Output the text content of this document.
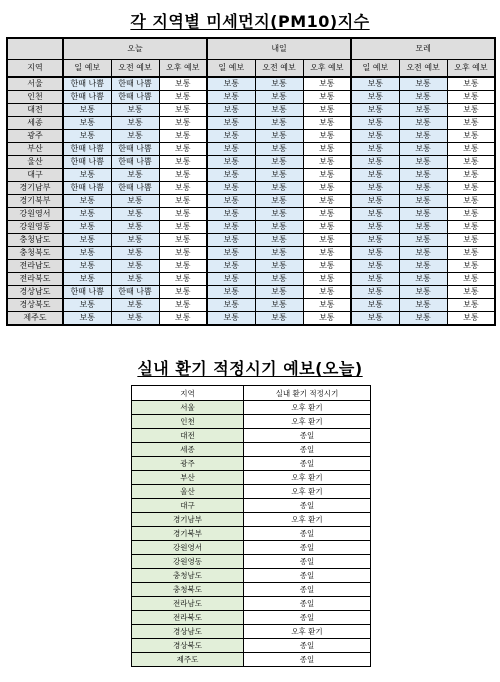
각 지역별 미세먼지(PM10)지수
	오늘			내일			모레		
지역	일 예보	오전 예보	오후 예보	일 예보	오전 예보	오후 예보	일 예보	오전 예보	오후 예보
서울	한때 나쁨	한때 나쁨	보통	보통	보통	보통	보통	보통	보통
인천	한때 나쁨	한때 나쁨	보통	보통	보통	보통	보통	보통	보통
대전	보통	보통	보통	보통	보통	보통	보통	보통	보통
세종	보통	보통	보통	보통	보통	보통	보통	보통	보통
광주	보통	보통	보통	보통	보통	보통	보통	보통	보통
부산	한때 나쁨	한때 나쁨	보통	보통	보통	보통	보통	보통	보통
울산	한때 나쁨	한때 나쁨	보통	보통	보통	보통	보통	보통	보통
대구	보통	보통	보통	보통	보통	보통	보통	보통	보통
경기남부	한때 나쁨	한때 나쁨	보통	보통	보통	보통	보통	보통	보통
경기북부	보통	보통	보통	보통	보통	보통	보통	보통	보통
강원영서	보통	보통	보통	보통	보통	보통	보통	보통	보통
강원영동	보통	보통	보통	보통	보통	보통	보통	보통	보통
충청남도	보통	보통	보통	보통	보통	보통	보통	보통	보통
충청북도	보통	보통	보통	보통	보통	보통	보통	보통	보통
전라남도	보통	보통	보통	보통	보통	보통	보통	보통	보통
전라북도	보통	보통	보통	보통	보통	보통	보통	보통	보통
경상남도	한때 나쁨	한때 나쁨	보통	보통	보통	보통	보통	보통	보통
경상북도	보통	보통	보통	보통	보통	보통	보통	보통	보통
제주도	보통	보통	보통	보통	보통	보통	보통	보통	보통
실내 환기 적정시기 예보(오늘)
지역	실내 환기 적정시기
서울	오후 환기
인천	오후 환기
대전	종일
세종	종일
광주	종일
부산	오후 환기
울산	오후 환기
대구	종일
경기남부	오후 환기
경기북부	종일
강원영서	종일
강원영동	종일
충청남도	종일
충청북도	종일
전라남도	종일
전라북도	종일
경상남도	오후 환기
경상북도	종일
제주도	종일
